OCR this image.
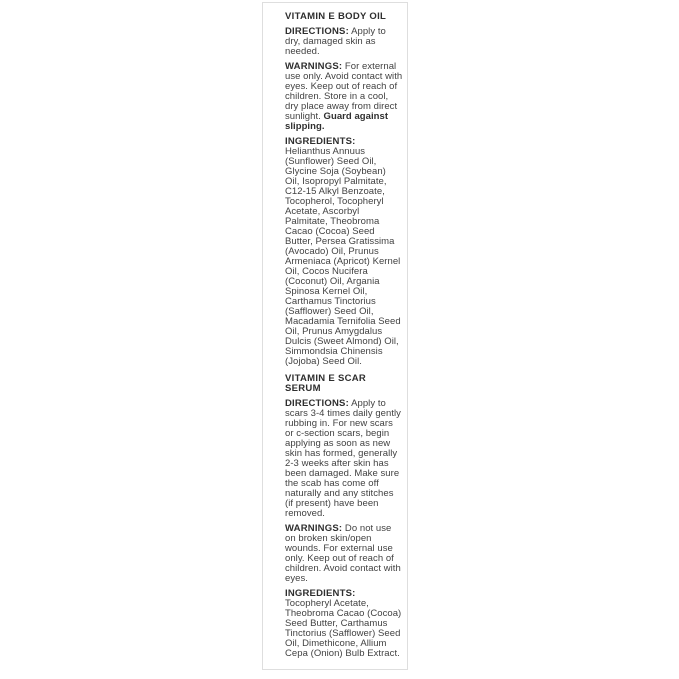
VITAMIN E BODY OIL

DIRECTIONS: Apply to dry, damaged skin as needed.

WARNINGS: For external use only. Avoid contact with eyes. Keep out of reach of children. Store in a cool, dry place away from direct sunlight. Guard against slipping.

INGREDIENTS:
Helianthus Annuus (Sunflower) Seed Oil, Glycine Soja (Soybean) Oil, Isopropyl Palmitate, C12-15 Alkyl Benzoate, Tocopherol, Tocopheryl Acetate, Ascorbyl Palmitate, Theobroma Cacao (Cocoa) Seed Butter, Persea Gratissima (Avocado) Oil, Prunus Armeniaca (Apricot) Kernel Oil, Cocos Nucifera (Coconut) Oil, Argania Spinosa Kernel Oil, Carthamus Tinctorius (Safflower) Seed Oil, Macadamia Ternifolia Seed Oil, Prunus Amygdalus Dulcis (Sweet Almond) Oil, Simmondsia Chinensis (Jojoba) Seed Oil.

VITAMIN E SCAR SERUM

DIRECTIONS: Apply to scars 3-4 times daily gently rubbing in. For new scars or c-section scars, begin applying as soon as new skin has formed, generally 2-3 weeks after skin has been damaged. Make sure the scab has come off naturally and any stitches (if present) have been removed.

WARNINGS: Do not use on broken skin/open wounds. For external use only. Keep out of reach of children. Avoid contact with eyes.

INGREDIENTS: Tocopheryl Acetate, Theobroma Cacao (Cocoa) Seed Butter, Carthamus Tinctorius (Safflower) Seed Oil, Dimethicone, Allium Cepa (Onion) Bulb Extract.
